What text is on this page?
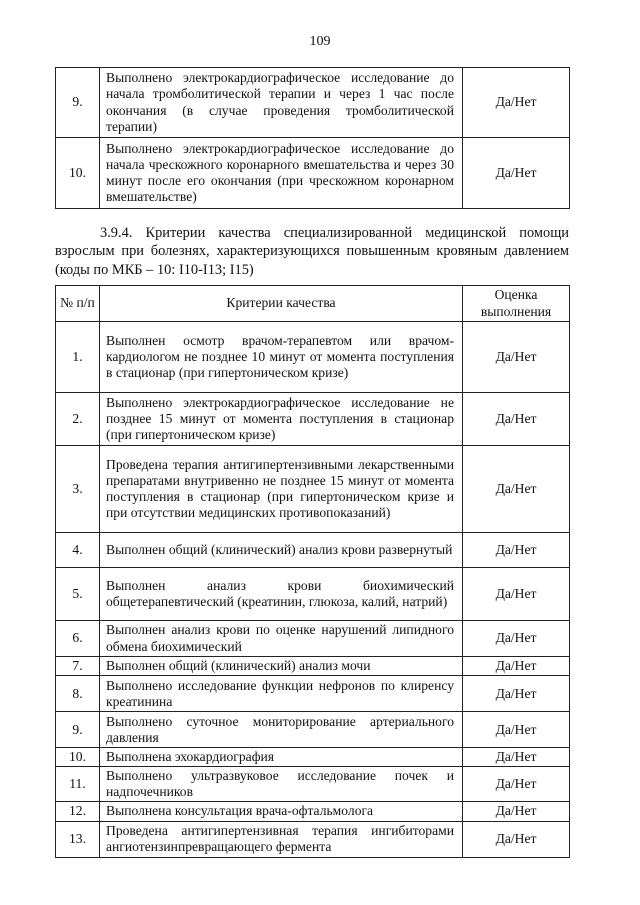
109
9.	Выполнено электрокардиографическое исследование до начала тромболитической терапии и через 1 час после окончания (в случае проведения тромболитической терапии)	Да/Нет
10.	Выполнено электрокардиографическое исследование до начала чрескожного коронарного вмешательства и через 30 минут после его окончания (при чрескожном коронарном вмешательстве)	Да/Нет
3.9.4. Критерии качества специализированной медицинской помощи взрослым при болезнях, характеризующихся повышенным кровяным давлением (коды по МКБ – 10: I10-I13; I15)
№ п/п	Критерии качества	Оценка выполнения
1.	Выполнен осмотр врачом-терапевтом или врачом-кардиологом не позднее 10 минут от момента поступления в стационар (при гипертоническом кризе)	Да/Нет
2.	Выполнено электрокардиографическое исследование не позднее 15 минут от момента поступления в стационар (при гипертоническом кризе)	Да/Нет
3.	Проведена терапия антигипертензивными лекарственными препаратами внутривенно не позднее 15 минут от момента поступления в стационар (при гипертоническом кризе и при отсутствии медицинских противопоказаний)	Да/Нет
4.	Выполнен общий (клинический) анализ крови развернутый	Да/Нет
5.	Выполнен анализ крови биохимический общетерапевтический (креатинин, глюкоза, калий, натрий)	Да/Нет
6.	Выполнен анализ крови по оценке нарушений липидного обмена биохимический	Да/Нет
7.	Выполнен общий (клинический) анализ мочи	Да/Нет
8.	Выполнено исследование функции нефронов по клиренсу креатинина	Да/Нет
9.	Выполнено суточное мониторирование артериального давления	Да/Нет
10.	Выполнена эхокардиография	Да/Нет
11.	Выполнено ультразвуковое исследование почек и надпочечников	Да/Нет
12.	Выполнена консультация врача-офтальмолога	Да/Нет
13.	Проведена антигипертензивная терапия ингибиторами ангиотензинпревращающего фермента	Да/Нет
